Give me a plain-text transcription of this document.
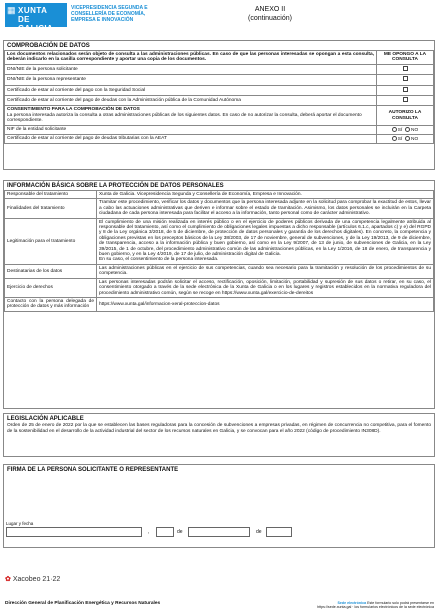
▦ XUNTA
DE GALICIA
VICEPRESIDENCIA SEGUNDA E
CONSELLERÍA DE ECONOMÍA,
EMPRESA E INNOVACIÓN
ANEXO II
(continuación)
COMPROBACIÓN DE DATOS
Los documentos relacionados serán objeto de consulta a las administraciones públicas. En caso de que las personas interesadas se opongan a esta consulta, deberán indicarlo en la casilla correspondiente y aportar una copia de los documentos.	ME OPONGO A LA CONSULTA
DNI/NIE de la persona solicitante	
DNI/NIE de la persona representante	
Certificado de estar al corriente del pago con la Seguridad Social	
Certificado de estar al corriente del pago de deudas con la Administración pública de la Comunidad Autónoma	

CONSENTIMIENTO PARA LA COMPROBACIÓN DE DATOS
La persona interesada autoriza la consulta a otras administraciones públicas de los siguientes datos. En caso de no autorizar la consulta, deberá aportar el documento correspondiente.	AUTORIZO LA CONSULTA
NIF de la entidad solicitante	SÍ NO
Certificado de estar al corriente del pago de deudas tributarias con la AEAT	SÍ NO
INFORMACIÓN BÁSICA SOBRE LA PROTECCIÓN DE DATOS PERSONALES
Responsable del tratamiento	Xunta de Galicia. Vicepresidencia Segunda y Consellería de Economía, Empresa e Innovación.
Finalidades del tratamiento	Tramitar este procedimiento, verificar los datos y documentos que la persona interesada adjunte en la solicitud para comprobar la exactitud de estos, llevar a cabo las actuaciones administrativas que deriven e informar sobre el estado de tramitación. Asimismo, los datos personales se incluirán en la Carpeta ciudadana de cada persona interesada para facilitar el acceso a la información, tanto personal como de carácter administrativo.
Legitimación para el tratamiento	El cumplimiento de una misión realizada en interés público o en el ejercicio de poderes públicos derivada de una competencia legalmente atribuida al responsable del tratamiento, así como el cumplimiento de obligaciones legales impuestas a dicho responsable (artículos 6.1.c, apartados c) y e) del RGPD y 8 de la Ley orgánica 3/2018, de 5 de diciembre, de protección de datos personales y garantía de los derechos digitales). En concreto, la competencia y obligaciones previstas en los preceptos básicos de la Ley 38/2003, de 17 de noviembre, general de subvenciones, y de la Ley 19/2013, de 9 de diciembre, de transparencia, acceso a la información pública y buen gobierno, así como en la Ley 9/2007, de 13 de junio, de subvenciones de Galicia, en la Ley 39/2015, de 1 de octubre, del procedimiento administrativo común de las administraciones públicas, en la Ley 1/2016, de 18 de enero, de transparencia y buen gobierno, y en la Ley 4/2019, de 17 de julio, de administración digital de Galicia.
En su caso, el consentimiento de la persona interesada.

Destinatarias de los datos	Las administraciones públicas en el ejercicio de sus competencias, cuando sea necesario para la tramitación y resolución de los procedimientos de su competencia.
Ejercicio de derechos	Las personas interesadas podrán solicitar el acceso, rectificación, oposición, limitación, portabilidad y supresión de sus datos o retirar, en su caso, el consentimiento otorgado a través de la sede electrónica de la Xunta de Galicia o en los lugares y registros establecidos en la normativa reguladora del procedimiento administrativo común, según se recoge en https://www.xunta.gal/exercicio-de-dereitos
Contacto con la persona delegada de protección de datos y más información	https://www.xunta.gal/informacion-xeral-proteccion-datos
LEGISLACIÓN APLICABLE
Orden de 25 de enero de 2022 por la que se establecen las bases reguladoras para la concesión de subvenciones a empresas privadas, en régimen de concurrencia no competitiva, para el fomento de la sostenibilidad en el desarrollo de la actividad industrial del sector de los recursos naturales en Galicia, y se convocan para el año 2022 (código de procedimiento IN308D).
FIRMA DE LA PERSONA SOLICITANTE O REPRESENTANTE
Lugar y fecha
,	de	de
✿ Xacobeo 21·22
Dirección General de Planificación Energética y Recursos Naturales	Sede electrónica Este formulario solo podrá presentarse en
https://sede.xunta.gal · los formularios electrónicos de la sede electrónica
